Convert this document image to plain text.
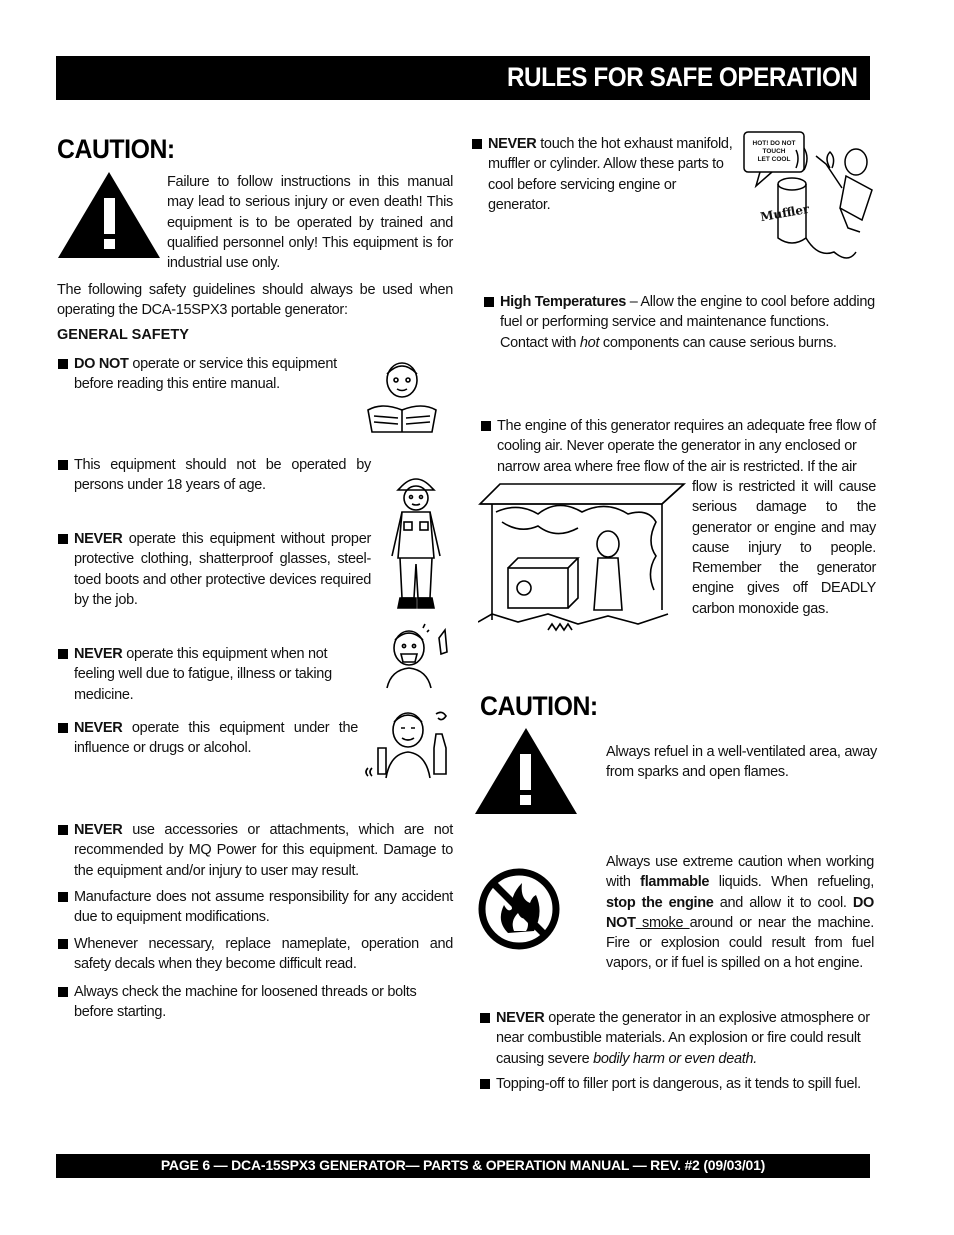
RULES FOR SAFE OPERATION
CAUTION:
Failure to follow instructions in this manual may lead to serious injury or even death! This equipment is to be operated by trained and qualified personnel only! This equipment is for industrial use only.
The following safety guidelines should always be used when operating the DCA-15SPX3 portable generator:
GENERAL SAFETY
DO NOT operate or service this equipment before reading this entire manual.
This equipment should not be operated by persons under 18 years of age.
NEVER operate this equipment without proper protective clothing, shatterproof glasses, steel-toed boots and other protective devices required by the job.
NEVER operate this equipment when not feeling well due to fatigue, illness or taking medicine.
NEVER operate this equipment under the influence or drugs or alcohol.
NEVER use accessories or attachments, which are not recommended by MQ Power for this equipment. Damage to the equipment and/or injury to user may result.
Manufacture does not assume responsibility for any accident due to equipment modifications.
Whenever necessary, replace nameplate, operation and safety decals when they become difficult read.
Always check the machine for loosened threads or bolts before starting.
NEVER touch the hot exhaust manifold, muffler or cylinder. Allow these parts to cool before servicing engine or generator.
HOT! DO NOT
TOUCH
LET COOL
Muffler
High Temperatures – Allow the engine to cool before adding fuel or performing service and maintenance functions. Contact with hot components can cause serious burns.
The engine of this generator requires an adequate free flow of cooling air. Never operate the generator in any enclosed or narrow area where free flow of the air is restricted. If the air
flow is restricted it will cause serious damage to the generator or engine and may cause injury to people. Remember the generator engine gives off DEADLY carbon monoxide gas.
CAUTION:
Always refuel in a well-ventilated area, away from sparks and open flames.
Always use extreme caution when working with flammable liquids. When refueling, stop the engine and allow it to cool. DO NOT smoke around or near the machine. Fire or explosion could result from fuel vapors, or if fuel is spilled on a hot engine.
NEVER operate the generator in an explosive atmosphere or near combustible materials. An explosion or fire could result causing severe bodily harm or even death.
Topping-off to filler port is dangerous, as it tends to spill fuel.
PAGE 6 — DCA-15SPX3 GENERATOR— PARTS & OPERATION MANUAL — REV. #2 (09/03/01)
